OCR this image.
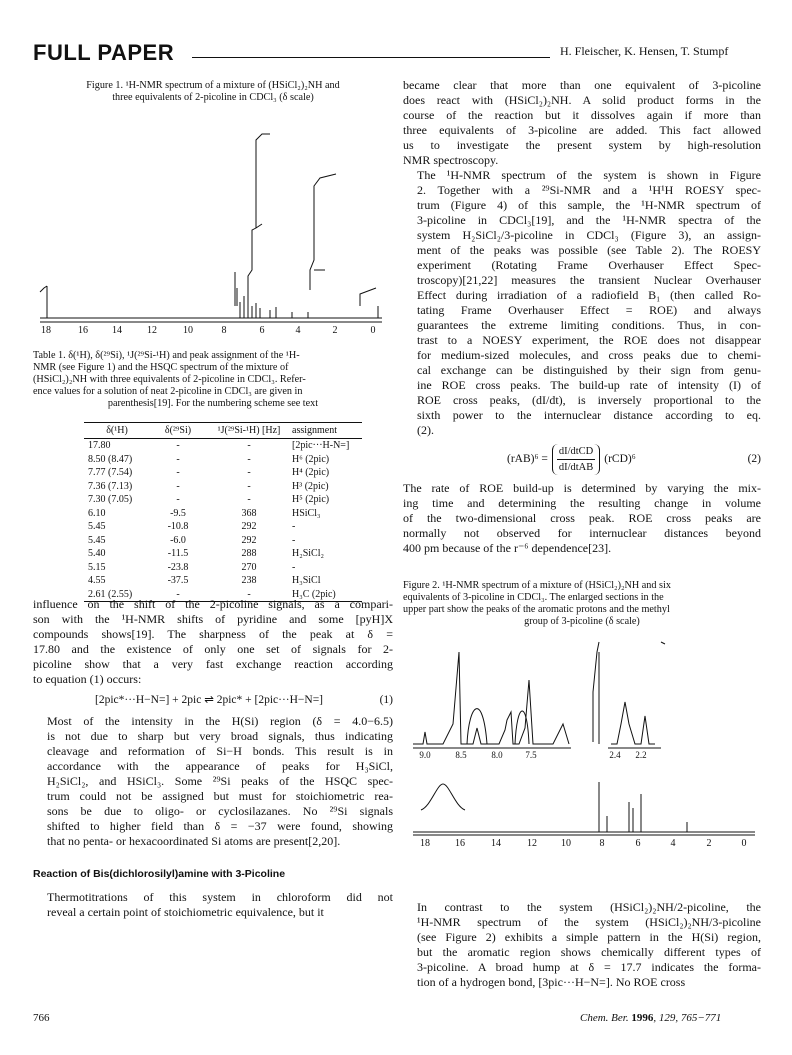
FULL PAPER	H. Fleischer, K. Hensen, T. Stumpf
Figure 1. ¹H-NMR spectrum of a mixture of (HSiCl₂)₂NH and
three equivalents of 2-picoline in CDCl₃ (δ scale)
18	16 14	12	10	8	6	4	2	0
Table 1. δ(¹H), δ(²⁹Si), ¹J(²⁹Si-¹H) and peak assignment of the ¹H-
NMR (see Figure 1) and the HSQC spectrum of the mixture of
(HSiCl₂)₂NH with three equivalents of 2-picoline in CDCl₃. Refer-
ence values for a solution of neat 2-picoline in CDCl₃ are given in
parenthesis[19]. For the numbering scheme see text
δ(¹H)	δ(²⁹Si)	¹J(²⁹Si-¹H) [Hz]	assignment
17.80	-	-	[2pic···H-N=]
8.50 (8.47)	-	-	H⁶ (2pic)
7.77 (7.54)	-	-	H⁴ (2pic)
7.36 (7.13)	-	-	H³ (2pic)
7.30 (7.05)	-	-	H⁵ (2pic)
6.10	-9.5	368	HSiCl₃
5.45	-10.8	292	-
5.45	-6.0	292	-
5.40	-11.5	288	H₂SiCl₂
5.15	-23.8	270	-
4.55	-37.5	238	H₃SiCl
2.61 (2.55)	-	-	H₃C (2pic)

influence on the shift of the 2-picoline signals, as a compari-
son with the ¹H-NMR shifts of pyridine and some [pyH]X
compounds shows[19]. The sharpness of the peak at δ =
17.80 and the existence of only one set of signals for 2-
picoline show that a very fast exchange reaction according
to equation (1) occurs:

[2pic*···H−N=] + 2pic ⇌ 2pic* + [2pic···H−N=]	(1)

Most of the intensity in the H(Si) region (δ = 4.0−6.5)
is not due to sharp but very broad signals, thus indicating
cleavage and reformation of Si−H bonds. This result is in
accordance with the appearance of peaks for H₃SiCl,
H₂SiCl₂, and HSiCl₃. Some ²⁹Si peaks of the HSQC spec-
trum could not be assigned but must for stoichiometric rea-
sons be due to oligo- or cyclosilazanes. No ²⁹Si signals
shifted to higher field than δ = −37 were found, showing
that no penta- or hexacoordinated Si atoms are present[2,20].

Reaction of Bis(dichlorosilyl)amine with 3-Picoline

Thermotitrations of this system in chloroform did not
reveal a certain point of stoichiometric equivalence, but it

became clear that more than one equivalent of 3-picoline
does react with (HSiCl₂)₂NH. A solid product forms in the
course of the reaction but it dissolves again if more than
three equivalents of 3-picoline are added. This fact allowed
us to investigate the present system by high-resolution
NMR spectroscopy.

The ¹H-NMR spectrum of the system is shown in Figure
2. Together with a ²⁹Si-NMR and a ¹H¹H ROESY spec-
trum (Figure 4) of this sample, the ¹H-NMR spectrum of
3-picoline in CDCl₃[19], and the ¹H-NMR spectra of the
system H₂SiCl₂/3-picoline in CDCl₃ (Figure 3), an assign-
ment of the peaks was possible (see Table 2). The ROESY
experiment (Rotating Frame Overhauser Effect Spec-
troscopy)[21,22] measures the transient Nuclear Overhauser
Effect during irradiation of a radiofield B₁ (then called Ro-
tating Frame Overhauser Effect = ROE) and always
guarantees the extreme limiting conditions. Thus, in con-
trast to a NOESY experiment, the ROE does not disappear
for medium-sized molecules, and cross peaks due to chemi-
cal exchange can be distinguished by their sign from genu-
ine ROE cross peaks. The build-up rate of intensity (I) of
ROE cross peaks, (dI/dt), is inversely proportional to the
sixth power to the internuclear distance according to eq.
(2).

(rAB)⁶ =
dI/dtCD
dI/dtAB
(rCD)⁶	(2)

The rate of ROE build-up is determined by varying the mix-
ing time and determining the resulting change in volume
of the two-dimensional cross peak. ROE cross peaks are
normally not observed for internuclear distances beyond
400 pm because of the r⁻⁶ dependence[23].

Figure 2. ¹H-NMR spectrum of a mixture of (HSiCl₂)₂NH and six
equivalents of 3-picoline in CDCl₃. The enlarged sections in the
upper part show the peaks of the aromatic protons and the methyl
group of 3-picoline (δ scale)
9.0	8.5	8.0	7.5	2.4 2.2
18	16	14	12 10	8	6	4	2	0

In contrast to the system (HSiCl₂)₂NH/2-picoline, the
¹H-NMR spectrum of the system (HSiCl₂)₂NH/3-picoline
(see Figure 2) exhibits a simple pattern in the H(Si) region,
but the aromatic region shows chemically different types of
3-picoline. A broad hump at δ = 17.7 indicates the forma-
tion of a hydrogen bond, [3pic···H−N=]. No ROE cross

766	Chem. Ber. 1996, 129, 765−771
